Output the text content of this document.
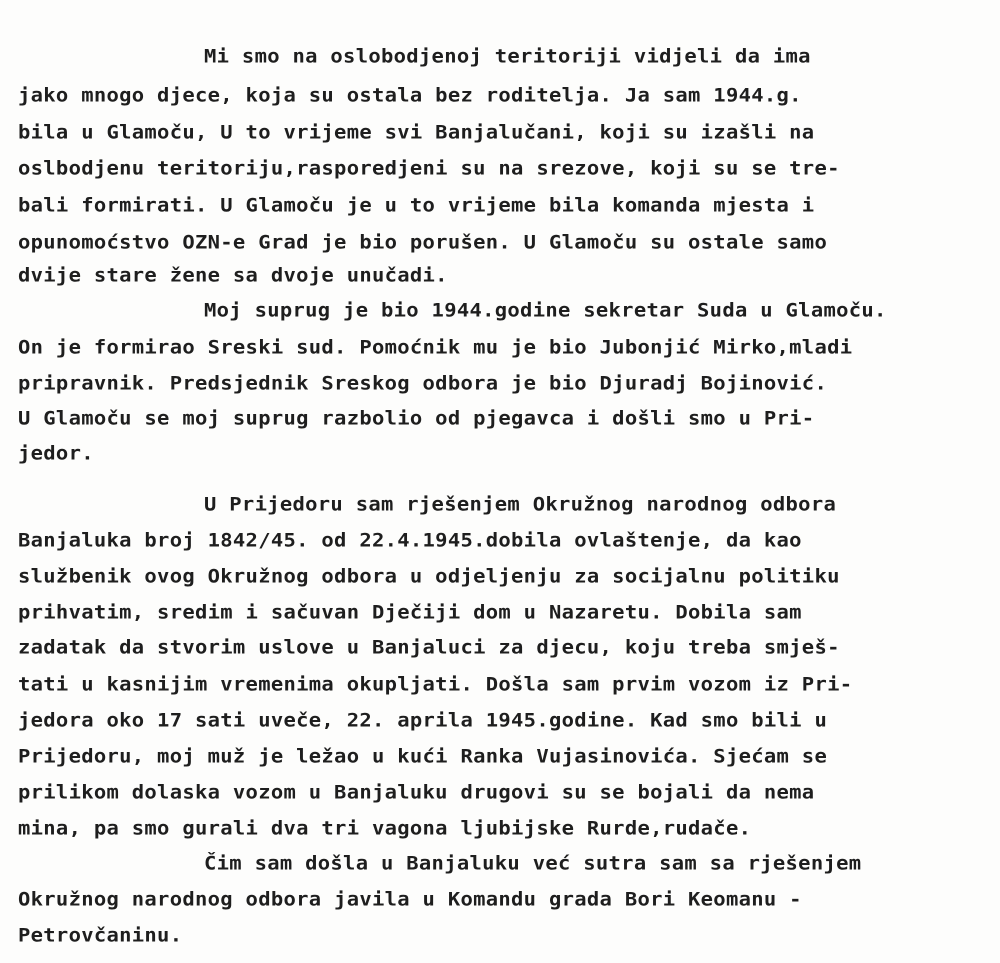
Mi smo na oslobodjenoj teritoriji vidjeli da ima
jako mnogo djece, koja su ostala bez roditelja. Ja sam 1944.g.
bila u Glamoču, U to vrijeme svi Banjalučani, koji su izašli na
oslbodjenu teritoriju,rasporedjeni su na srezove, koji su se tre-
bali formirati. U Glamoču je u to vrijeme bila komanda mjesta i
opunomoćstvo OZN-e Grad je bio porušen. U Glamoču su ostale samo
dvije stare žene sa dvoje unučadi.
Moj suprug je bio 1944.godine sekretar Suda u Glamoču.
On je formirao Sreski sud. Pomoćnik mu je bio Jubonjić Mirko,mladi
pripravnik. Predsjednik Sreskog odbora je bio Djuradj Bojinović.
U Glamoču se moj suprug razbolio od pjegavca i došli smo u Pri-
jedor.
U Prijedoru sam rješenjem Okružnog narodnog odbora
Banjaluka broj 1842/45. od 22.4.1945.dobila ovlaštenje, da kao
službenik ovog Okružnog odbora u odjeljenju za socijalnu politiku
prihvatim, sredim i sačuvan Dječiji dom u Nazaretu. Dobila sam
zadatak da stvorim uslove u Banjaluci za djecu, koju treba smješ-
tati u kasnijim vremenima okupljati. Došla sam prvim vozom iz Pri-
jedora oko 17 sati uveče, 22. aprila 1945.godine. Kad smo bili u
Prijedoru, moj muž je ležao u kući Ranka Vujasinovića. Sjećam se
prilikom dolaska vozom u Banjaluku drugovi su se bojali da nema
mina, pa smo gurali dva tri vagona ljubijske Rurde,rudače.
Čim sam došla u Banjaluku već sutra sam sa rješenjem
Okružnog narodnog odbora javila u Komandu grada Bori Keomanu -
Petrovčaninu.
